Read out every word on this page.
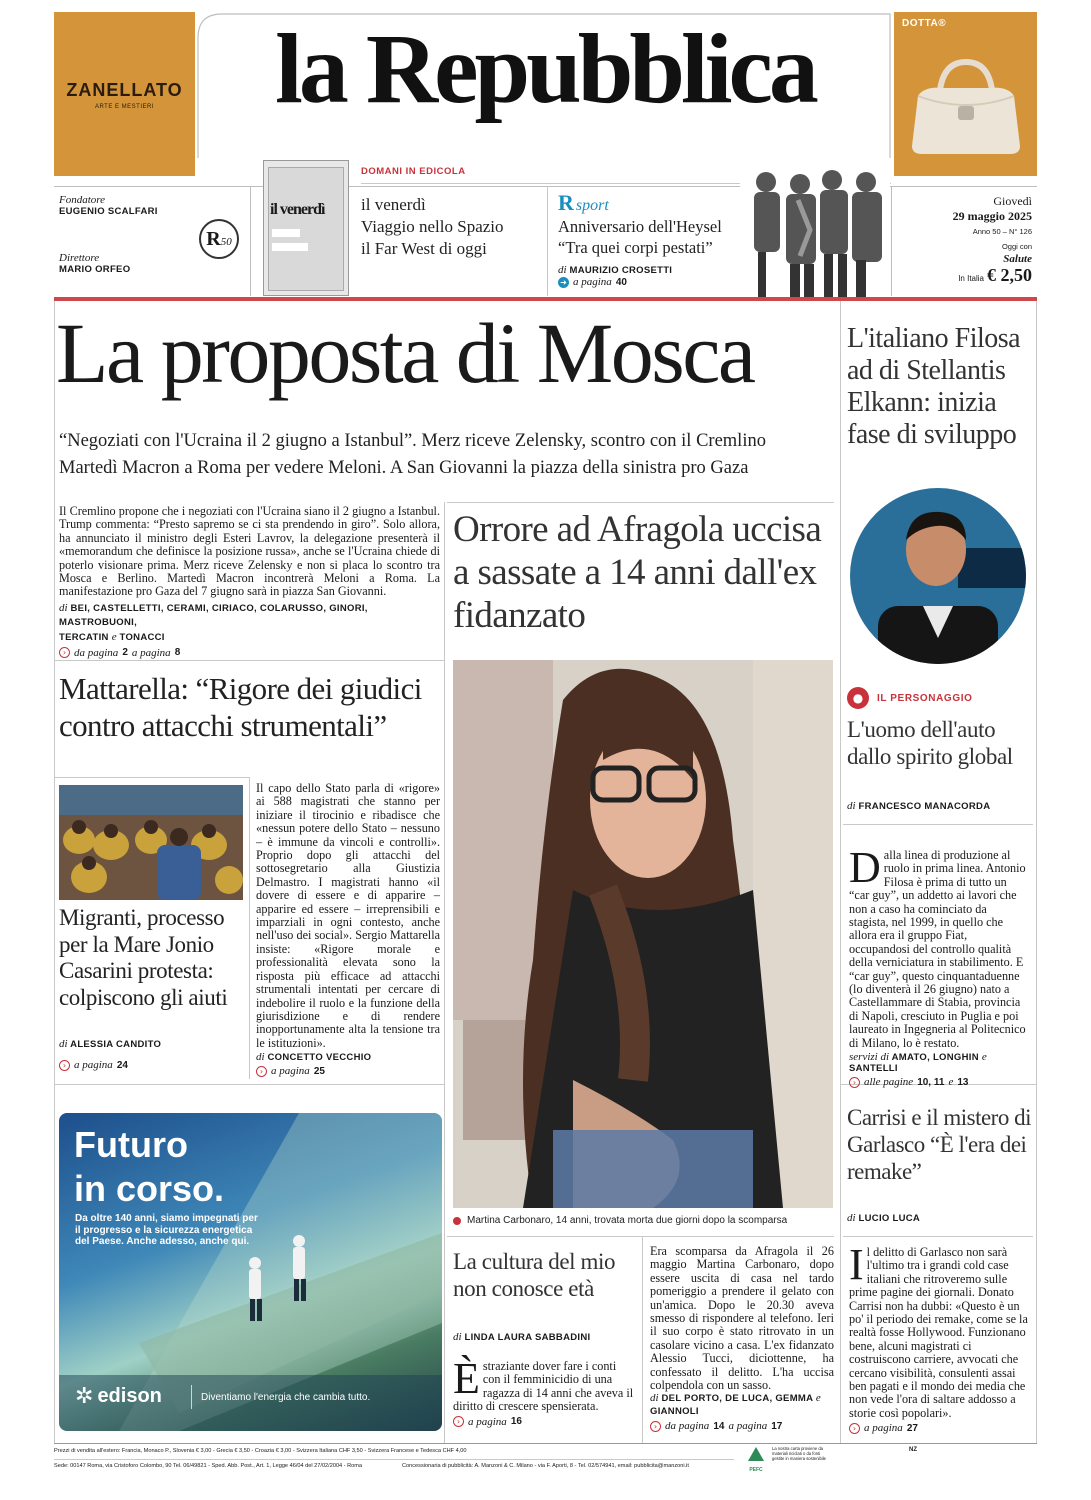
ZANELLATO
ARTE E MESTIERI
DOTTA®
la Repubblica
Fondatore
EUGENIO SCALFARI
Direttore
MARIO ORFEO
R50
il venerdì
DOMANI IN EDICOLA
il venerdì
Viaggio nello Spazio
il Far West di oggi
R sport
Anniversario dell'Heysel
“Tra quei corpi pestati”
di MAURIZIO CROSETTI
➜ a pagina 40
Giovedì
29 maggio 2025
Anno 50 – N° 126
Oggi con
Salute
In Italia € 2,50
La proposta di Mosca
“Negoziati con l'Ucraina il 2 giugno a Istanbul”. Merz riceve Zelensky, scontro con il Cremlino
Martedì Macron a Roma per vedere Meloni. A San Giovanni la piazza della sinistra pro Gaza
Il Cremlino propone che i negoziati con l'Ucraina siano il 2 giugno a Istanbul. Trump commenta: “Presto sapremo se ci sta prendendo in giro”. Solo allora, ha annunciato il ministro degli Esteri Lavrov, la delegazione presenterà il «memorandum che definisce la posizione russa», anche se l'Ucraina chiede di poterlo visionare prima. Merz riceve Zelensky e non si placa lo scontro tra Mosca e Berlino. Martedì Macron incontrerà Meloni a Roma. La manifestazione pro Gaza del 7 giugno sarà in piazza San Giovanni.
di BEI, CASTELLETTI, CERAMI, CIRIACO, COLARUSSO, GINORI, MASTROBUONI,
TERCATIN e TONACCI
› da pagina 2 a pagina 8
Mattarella: “Rigore dei giudici contro attacchi strumentali”
Il capo dello Stato parla di «rigore» ai 588 magistrati che stanno per iniziare il tirocinio e ribadisce che «nessun potere dello Stato – nessuno – è immune da vincoli e controlli». Proprio dopo gli attacchi del sottosegretario alla Giustizia Delmastro. I magistrati hanno «il dovere di essere e di apparire – apparire ed essere – irreprensibili e imparziali in ogni contesto, anche nell'uso dei social». Sergio Mattarella insiste: «Rigore morale e professionalità elevata sono la risposta più efficace ad attacchi strumentali intentati per cercare di indebolire il ruolo e la funzione della giurisdizione e di rendere inopportunamente alta la tensione tra le istituzioni».
di CONCETTO VECCHIO
› a pagina 25
Migranti, processo per la Mare Jonio Casarini protesta: colpiscono gli aiuti
di ALESSIA CANDITO
› a pagina 24
Futuro
in corso.
Da oltre 140 anni, siamo impegnati per il progresso e la sicurezza energetica del Paese. Anche adesso, anche qui.
✲ edison	Diventiamo l'energia che cambia tutto.
Orrore ad Afragola uccisa a sassate a 14 anni dall'ex fidanzato
Martina Carbonaro, 14 anni, trovata morta due giorni dopo la scomparsa
La cultura del mio non conosce età
di LINDA LAURA SABBADINI
Èstraziante dover fare i conti con il femminicidio di una ragazza di 14 anni che aveva il diritto di crescere spensierata.
› a pagina 16
Era scomparsa da Afragola il 26 maggio Martina Carbonaro, dopo essere uscita di casa nel tardo pomeriggio a prendere il gelato con un'amica. Dopo le 20.30 aveva smesso di rispondere al telefono. Ieri il suo corpo è stato ritrovato in un casolare vicino a casa. L'ex fidanzato Alessio Tucci, diciottenne, ha confessato il delitto. L'ha uccisa colpendola con un sasso.
di DEL PORTO, DE LUCA, GEMMA e
GIANNOLI
› da pagina 14 a pagina 17
L'italiano Filosa ad di Stellantis Elkann: inizia fase di sviluppo
●	IL PERSONAGGIO
L'uomo dell'auto dallo spirito global
di FRANCESCO MANACORDA
Dalla linea di produzione al ruolo in prima linea. Antonio Filosa è prima di tutto un “car guy”, un addetto ai lavori che non a caso ha cominciato da stagista, nel 1999, in quello che allora era il gruppo Fiat, occupandosi del controllo qualità della verniciatura in stabilimento. E “car guy”, questo cinquantaduenne (lo diventerà il 26 giugno) nato a Castellammare di Stabia, provincia di Napoli, cresciuto in Puglia e poi laureato in Ingegneria al Politecnico di Milano, lo è restato.
servizi di AMATO, LONGHIN e SANTELLI
› alle pagine 10, 11 e 13
Carrisi e il mistero di Garlasco “È l'era dei remake”
di LUCIO LUCA
Il delitto di Garlasco non sarà l'ultimo tra i grandi cold case italiani che ritroveremo sulle prime pagine dei giornali. Donato Carrisi non ha dubbi: «Questo è un po' il periodo dei remake, come se la realtà fosse Hollywood. Funzionano bene, alcuni magistrati ci costruiscono carriere, avvocati che cercano visibilità, consulenti assai ben pagati e il mondo dei media che non vede l'ora di saltare addosso a storie così popolari».
› a pagina 27
Prezzi di vendita all'estero: Francia, Monaco P., Slovenia € 3,00 - Grecia € 3,50 - Croazia € 3,00 - Svizzera Italiana CHF 3,50 - Svizzera Francese e Tedesca CHF 4,00
Sede: 00147 Roma, via Cristoforo Colombo, 90 Tel. 06/49821 - Sped. Abb. Post., Art. 1, Legge 46/04 del 27/02/2004 - Roma	Concessionaria di pubblicità: A. Manzoni & C. Milano - via F. Aporti, 8 - Tel. 02/574941, email: pubblicita@manzoni.it
PEFC
La nostra carta proviene da materiali riciclati o da fonti gestite in maniera sostenibile
NZ
